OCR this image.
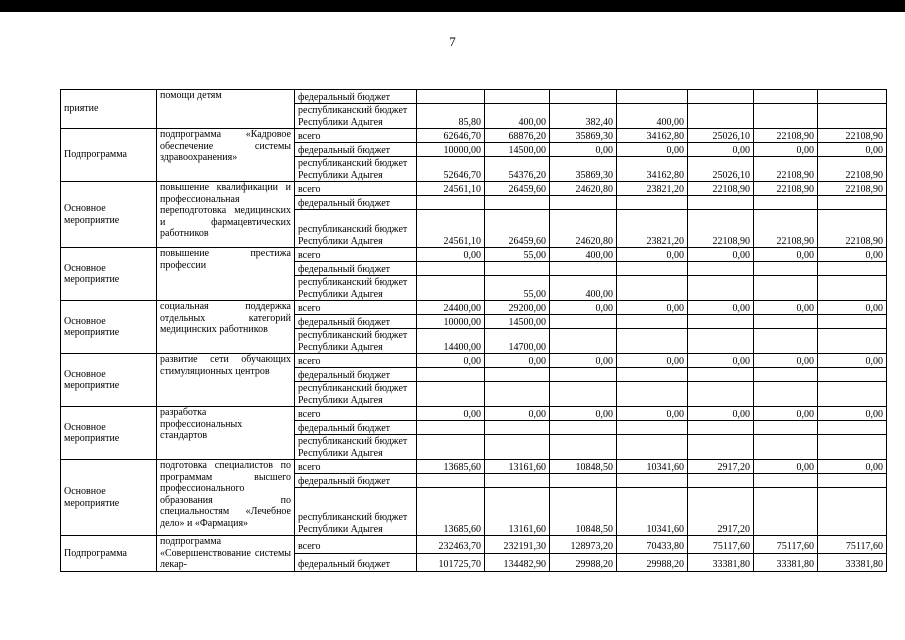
7
приятие	помощи детям	федеральный бюджет							
		республиканский бюджет Республики Адыгея	85,80	400,00	382,40	400,00			
Подпрограмма	подпрограмма «Кадровое обеспечение системы здравоохранения»	всего	62646,70	68876,20	35869,30	34162,80	25026,10	22108,90	22108,90
		федеральный бюджет	10000,00	14500,00	0,00	0,00	0,00	0,00	0,00
		республиканский бюджет Республики Адыгея	52646,70	54376,20	35869,30	34162,80	25026,10	22108,90	22108,90
Основное мероприятие	повышение квалификации и профессиональная переподготовка медицинских и фармацевтических работников	всего	24561,10	26459,60	24620,80	23821,20	22108,90	22108,90	22108,90
		федеральный бюджет							
		республиканский бюджет Республики Адыгея	24561,10	26459,60	24620,80	23821,20	22108,90	22108,90	22108,90
Основное мероприятие	повышение престижа профессии	всего	0,00	55,00	400,00	0,00	0,00	0,00	0,00
		федеральный бюджет							
		республиканский бюджет Республики Адыгея		55,00	400,00				
Основное мероприятие	социальная поддержка отдельных категорий медицинских работников	всего	24400,00	29200,00	0,00	0,00	0,00	0,00	0,00
		федеральный бюджет	10000,00	14500,00					
		республиканский бюджет Республики Адыгея	14400,00	14700,00					
Основное мероприятие	развитие сети обучающих стимуляционных центров	всего	0,00	0,00	0,00	0,00	0,00	0,00	0,00
		федеральный бюджет							
		республиканский бюджет Республики Адыгея							
Основное мероприятие	разработка профессиональных стандартов	всего	0,00	0,00	0,00	0,00	0,00	0,00	0,00
		федеральный бюджет							
		республиканский бюджет Республики Адыгея							
Основное мероприятие	подготовка специалистов по программам высшего профессионального образования по специальностям «Лечебное дело» и «Фармация»	всего	13685,60	13161,60	10848,50	10341,60	2917,20	0,00	0,00
		федеральный бюджет							
		республиканский бюджет Республики Адыгея	13685,60	13161,60	10848,50	10341,60	2917,20		
Подпрограмма	подпрограмма «Совершенствование системы лекар-	всего	232463,70	232191,30	128973,20	70433,80	75117,60	75117,60	75117,60
		федеральный бюджет	101725,70	134482,90	29988,20	29988,20	33381,80	33381,80	33381,80
